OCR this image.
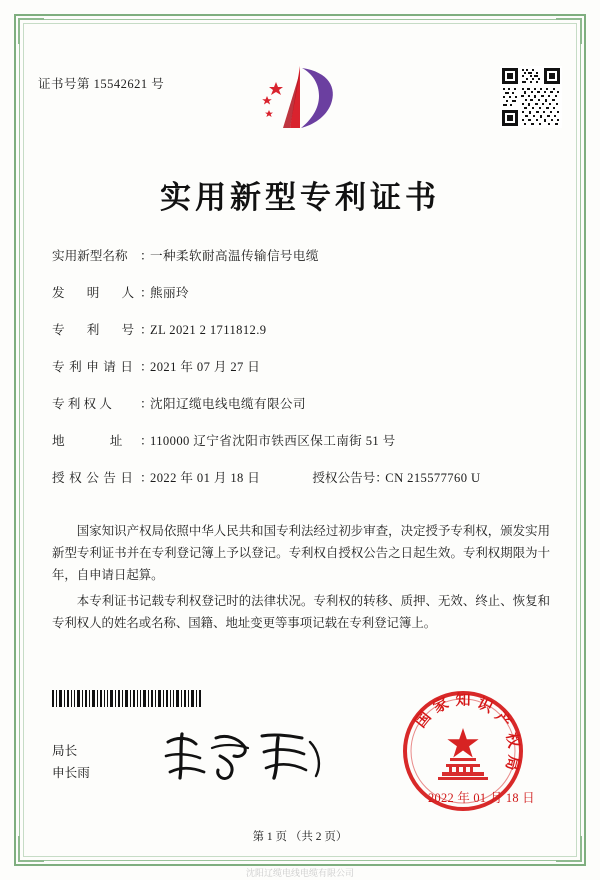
证书号第 15542621 号
实用新型专利证书
实用新型名称 ：一种柔软耐高温传输信号电缆
发 明 人：熊丽玲
专 利 号：ZL 2021 2 1711812.9
专利申请日 ：2021 年 07 月 27 日
专 利 权 人 ：沈阳辽缆电线电缆有限公司
地 址：110000 辽宁省沈阳市铁西区保工南街 51 号
授权公告日 ：2022 年 01 月 18 日	授权公告号：CN 215577760 U

国家知识产权局依照中华人民共和国专利法经过初步审查，决定授予专利权，颁发实用新型专利证书并在专利登记簿上予以登记。专利权自授权公告之日起生效。专利权期限为十年，自申请日起算。

本专利证书记载专利权登记时的法律状况。专利权的转移、质押、无效、终止、恢复和专利权人的姓名或名称、国籍、地址变更等事项记载在专利登记簿上。

局长
申长雨
国 家 知 识 产 权 局
2022 年 01 月 18 日
第 1 页 （共 2 页）
沈阳辽缆电线电缆有限公司
